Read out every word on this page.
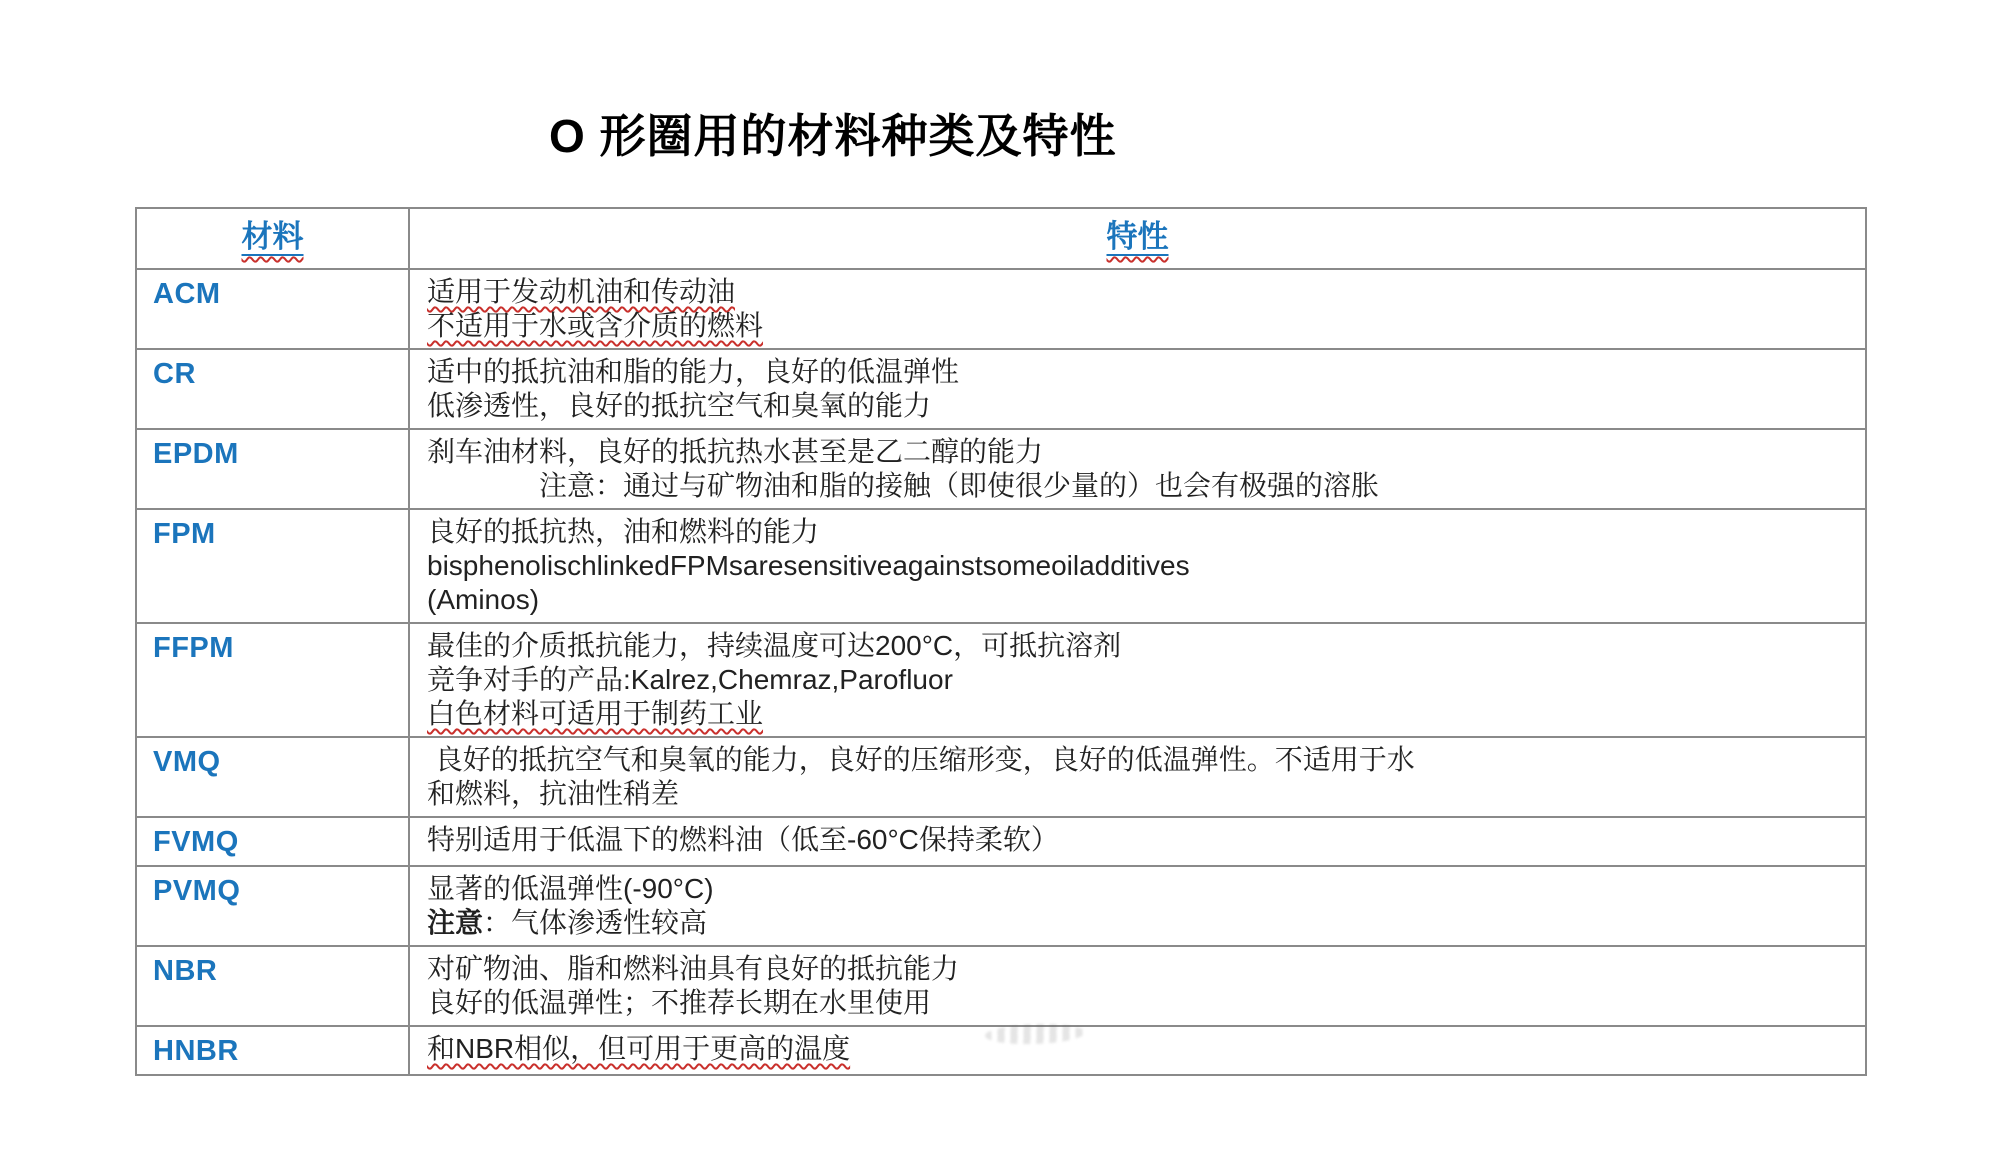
O 形圈用的材料种类及特性
材料	特性
ACM	适用于发动机油和传动油
不适用于水或含介质的燃料

CR	适中的抵抗油和脂的能力，良好的低温弹性
低渗透性，良好的抵抗空气和臭氧的能力

EPDM	刹车油材料，良好的抵抗热水甚至是乙二醇的能力
注意：通过与矿物油和脂的接触（即使很少量的）也会有极强的溶胀

FPM	良好的抵抗热，油和燃料的能力
bisphenolischlinkedFPMsaresensitiveagainstsomeoiladditives
(Aminos)

FFPM	最佳的介质抵抗能力，持续温度可达200°C，可抵抗溶剂
竞争对手的产品:Kalrez,Chemraz,Parofluor
白色材料可适用于制药工业

VMQ	良好的抵抗空气和臭氧的能力，良好的压缩形变，良好的低温弹性。不适用于水
和燃料，抗油性稍差

FVMQ	特别适用于低温下的燃料油（低至-60°C保持柔软）

PVMQ	显著的低温弹性(-90°C)
注意：气体渗透性较高

NBR	对矿物油、脂和燃料油具有良好的抵抗能力
良好的低温弹性；不推荐长期在水里使用

HNBR	和NBR相似，但可用于更高的温度
